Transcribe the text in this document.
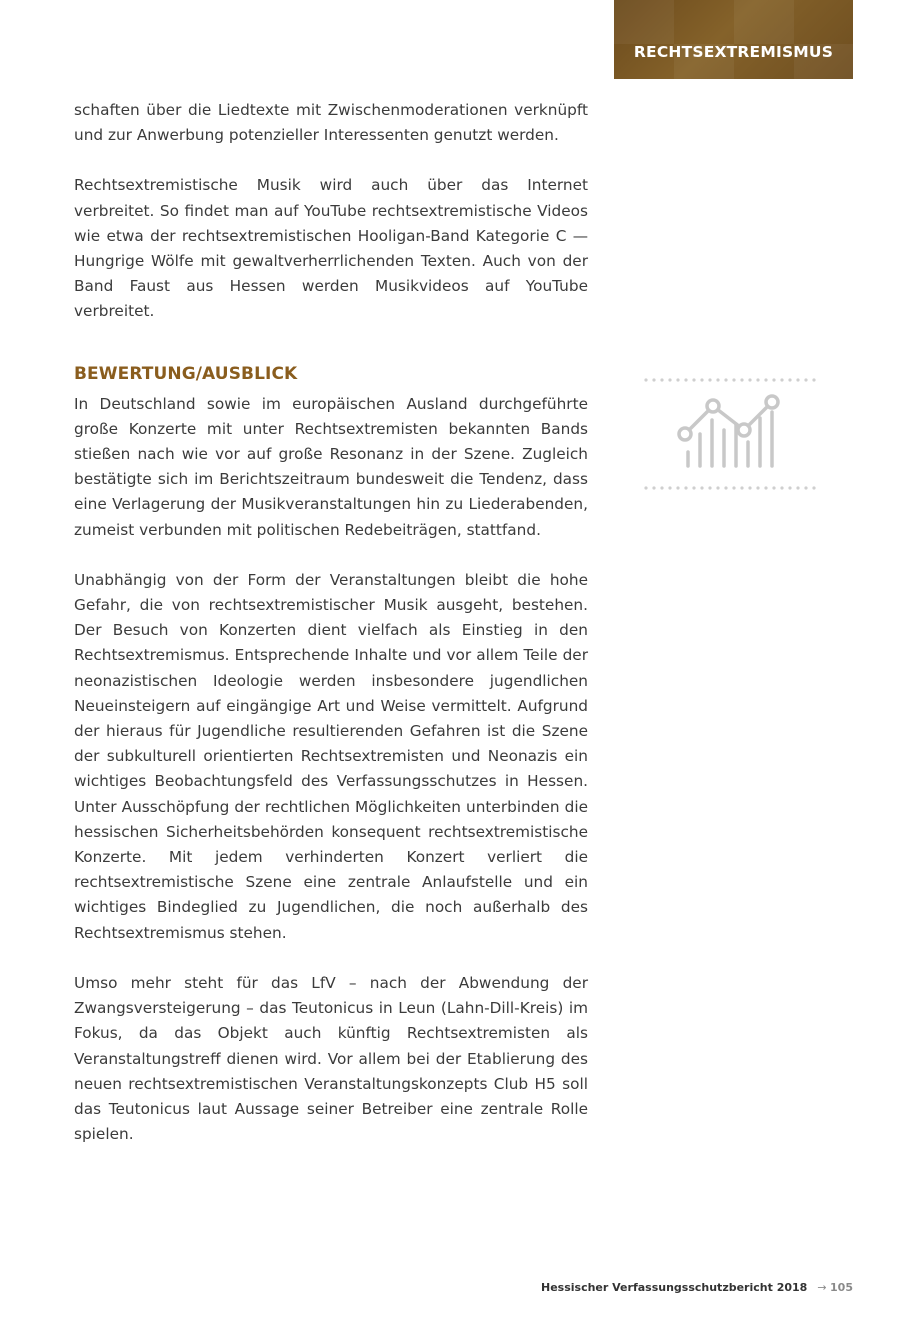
RECHTSEXTREMISMUS

schaften über die Liedtexte mit Zwischenmoderationen verknüpft und zur Anwerbung potenzieller Interessenten genutzt werden.

Rechtsextremistische Musik wird auch über das Internet verbreitet. So findet man auf YouTube rechtsextremistische Videos wie etwa der rechtsextremistischen Hooligan-Band Kategorie C — Hungrige Wölfe mit gewaltverherrlichenden Texten. Auch von der Band Faust aus Hessen werden Musikvideos auf YouTube verbreitet.

BEWERTUNG/AUSBLICK

In Deutschland sowie im europäischen Ausland durchgeführte große Konzerte mit unter Rechtsextremisten bekannten Bands stießen nach wie vor auf große Resonanz in der Szene. Zugleich bestätigte sich im Berichtszeitraum bundesweit die Tendenz, dass eine Verlagerung der Musikveranstaltungen hin zu Liederabenden, zumeist verbunden mit politischen Redebeiträgen, stattfand.

Unabhängig von der Form der Veranstaltungen bleibt die hohe Gefahr, die von rechtsextremistischer Musik ausgeht, bestehen. Der Besuch von Konzerten dient vielfach als Einstieg in den Rechtsextremismus. Entsprechende Inhalte und vor allem Teile der neonazistischen Ideologie werden insbesondere jugendlichen Neueinsteigern auf eingängige Art und Weise vermittelt. Aufgrund der hieraus für Jugendliche resultierenden Gefahren ist die Szene der subkulturell orientierten Rechtsextremisten und Neonazis ein wichtiges Beobachtungsfeld des Verfassungsschutzes in Hessen. Unter Ausschöpfung der rechtlichen Möglichkeiten unterbinden die hessischen Sicherheitsbehörden konsequent rechtsextremistische Konzerte. Mit jedem verhinderten Konzert verliert die rechtsextremistische Szene eine zentrale Anlaufstelle und ein wichtiges Bindeglied zu Jugendlichen, die noch außerhalb des Rechtsextremismus stehen.

Umso mehr steht für das LfV – nach der Abwendung der Zwangsversteigerung – das Teutonicus in Leun (Lahn-Dill-Kreis) im Fokus, da das Objekt auch künftig Rechtsextremisten als Veranstaltungstreff dienen wird. Vor allem bei der Etablierung des neuen rechtsextremistischen Veranstaltungskonzepts Club H5 soll das Teutonicus laut Aussage seiner Betreiber eine zentrale Rolle spielen.

Hessischer Verfassungsschutzbericht 2018 → 105
